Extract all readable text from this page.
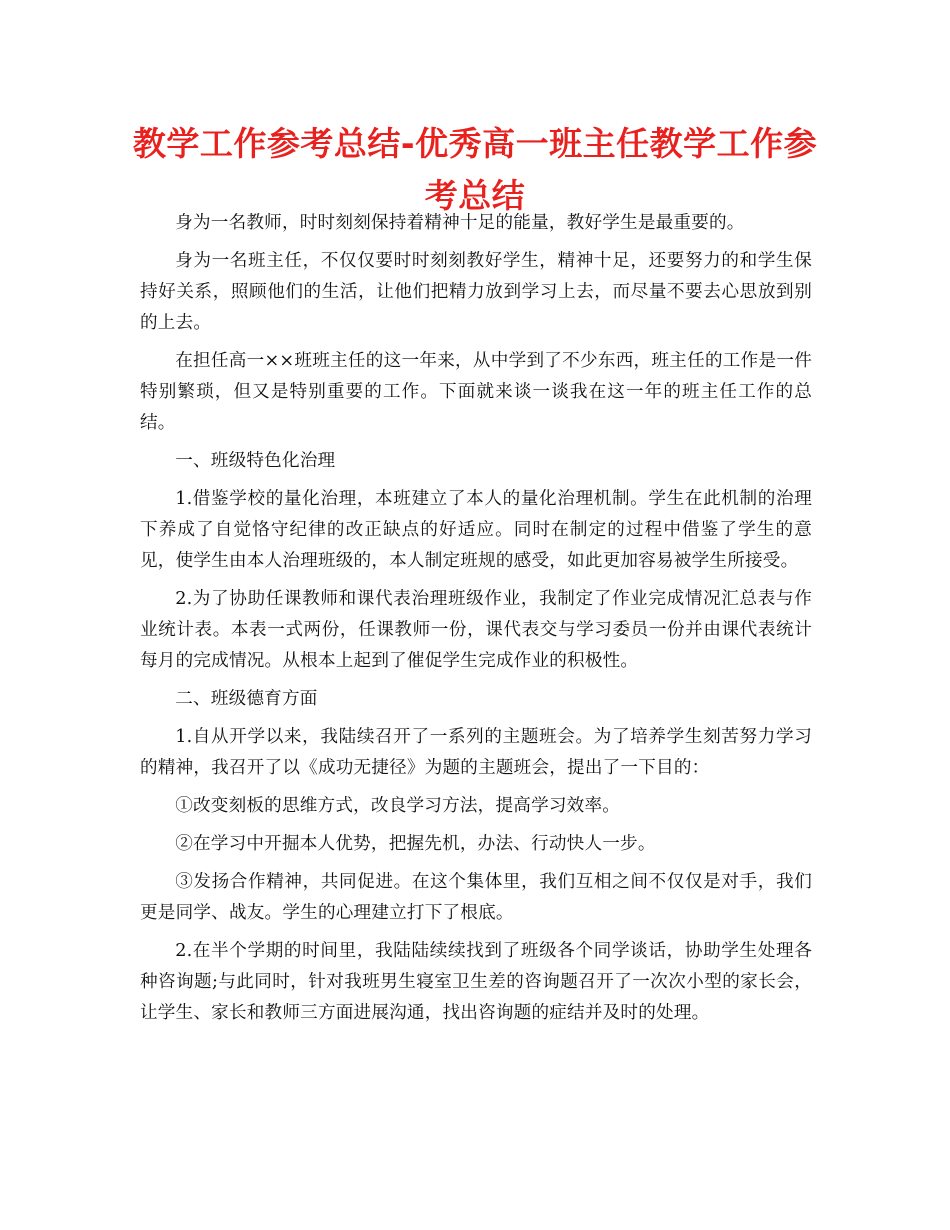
教学工作参考总结-优秀高一班主任教学工作参考总结

身为一名教师，时时刻刻保持着精神十足的能量，教好学生是最重要的。

身为一名班主任，不仅仅要时时刻刻教好学生，精神十足，还要努力的和学生保持好关系，照顾他们的生活，让他们把精力放到学习上去，而尽量不要去心思放到别的上去。

在担任高一××班班主任的这一年来，从中学到了不少东西，班主任的工作是一件特别繁琐，但又是特别重要的工作。下面就来谈一谈我在这一年的班主任工作的总结。

一、班级特色化治理

1.借鉴学校的量化治理，本班建立了本人的量化治理机制。学生在此机制的治理下养成了自觉恪守纪律的改正缺点的好适应。同时在制定的过程中借鉴了学生的意见，使学生由本人治理班级的，本人制定班规的感受，如此更加容易被学生所接受。

2.为了协助任课教师和课代表治理班级作业，我制定了作业完成情况汇总表与作业统计表。本表一式两份，任课教师一份，课代表交与学习委员一份并由课代表统计每月的完成情况。从根本上起到了催促学生完成作业的积极性。

二、班级德育方面

1.自从开学以来，我陆续召开了一系列的主题班会。为了培养学生刻苦努力学习的精神，我召开了以《成功无捷径》为题的主题班会，提出了一下目的：

①改变刻板的思维方式，改良学习方法，提高学习效率。

②在学习中开掘本人优势，把握先机，办法、行动快人一步。

③发扬合作精神，共同促进。在这个集体里，我们互相之间不仅仅是对手，我们更是同学、战友。学生的心理建立打下了根底。

2.在半个学期的时间里，我陆陆续续找到了班级各个同学谈话，协助学生处理各种咨询题;与此同时，针对我班男生寝室卫生差的咨询题召开了一次次小型的家长会，让学生、家长和教师三方面进展沟通，找出咨询题的症结并及时的处理。
